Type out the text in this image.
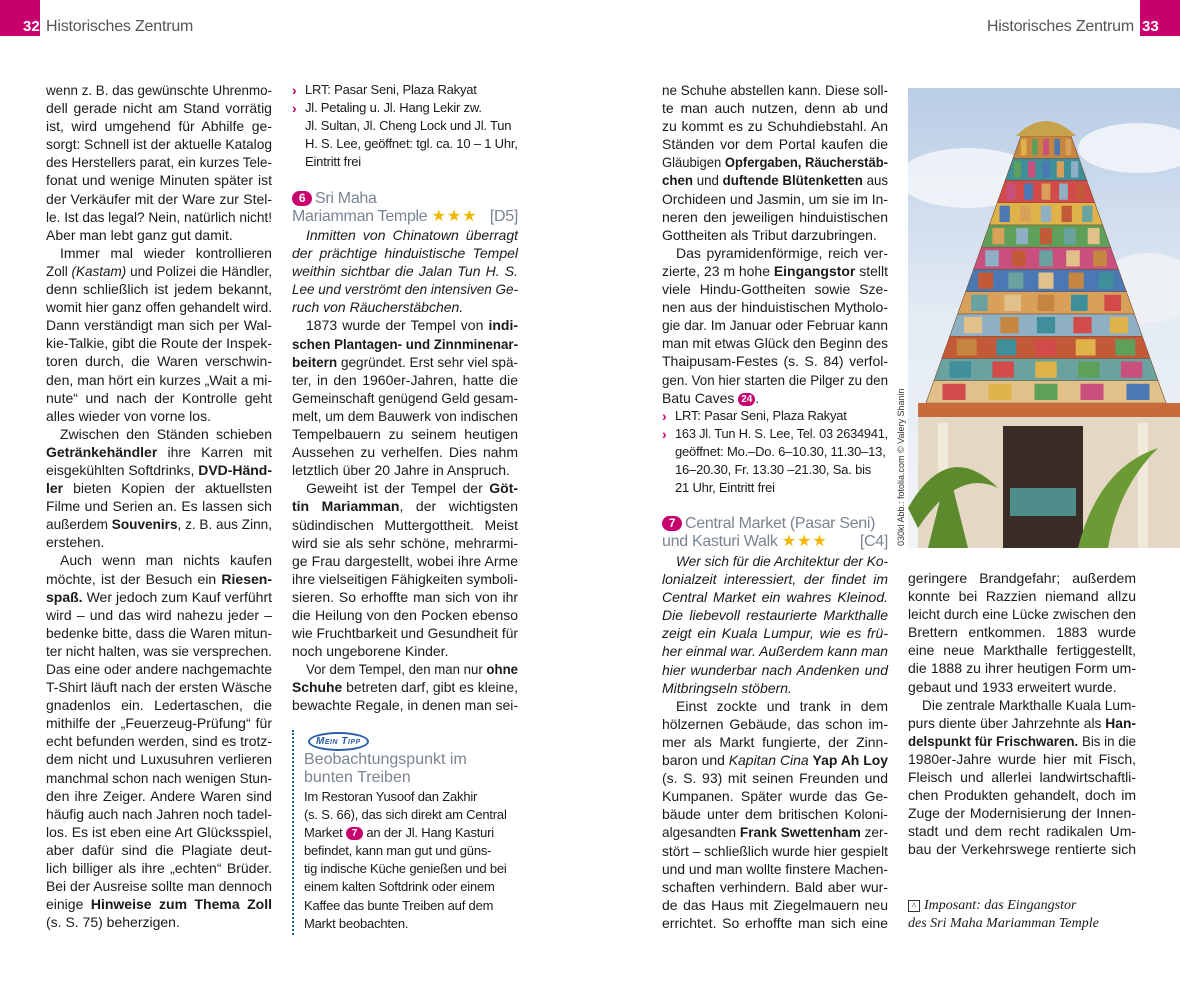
32 Historisches Zentrum	33
Historisches Zentrum
wenn z. B. das gewünschte Uhrenmo-
dell gerade nicht am Stand vorrätig
ist, wird umgehend für Abhilfe ge-
sorgt: Schnell ist der aktuelle Katalog
des Herstellers parat, ein kurzes Tele-
fonat und wenige Minuten später ist
der Verkäufer mit der Ware zur Stel-
le. Ist das legal? Nein, natürlich nicht!
Aber man lebt ganz gut damit.
Immer mal wieder kontrollieren
Zoll (Kastam) und Polizei die Händler,
denn schließlich ist jedem bekannt,
womit hier ganz offen gehandelt wird.
Dann verständigt man sich per Wal-
kie-Talkie, gibt die Route der Inspek-
toren durch, die Waren verschwin-
den, man hört ein kurzes „Wait a mi-
nute“ und nach der Kontrolle geht
alles wieder von vorne los.
Zwischen den Ständen schieben
Getränkehändler ihre Karren mit
eisgekühlten Softdrinks, DVD-Händ-
ler bieten Kopien der aktuellsten
Filme und Serien an. Es lassen sich
außerdem Souvenirs, z. B. aus Zinn,
erstehen.
Auch wenn man nichts kaufen
möchte, ist der Besuch ein Riesen-
spaß. Wer jedoch zum Kauf verführt
wird – und das wird nahezu jeder –
bedenke bitte, dass die Waren mitun-
ter nicht halten, was sie versprechen.
Das eine oder andere nachgemachte
T-Shirt läuft nach der ersten Wäsche
gnadenlos ein. Ledertaschen, die
mithilfe der „Feuerzeug-Prüfung“ für
echt befunden werden, sind es trotz-
dem nicht und Luxusuhren verlieren
manchmal schon nach wenigen Stun-
den ihre Zeiger. Andere Waren sind
häufig auch nach Jahren noch tadel-
los. Es ist eben eine Art Glücksspiel,
aber dafür sind die Plagiate deut-
lich billiger als ihre „echten“ Brüder.
Bei der Ausreise sollte man dennoch
einige Hinweise zum Thema Zoll
(s. S. 75) beherzigen.
› LRT: Pasar Seni, Plaza Rakyat
› Jl. Petaling u. Jl. Hang Lekir zw.
Jl. Sultan, Jl. Cheng Lock und Jl. Tun
H. S. Lee, geöffnet: tgl. ca. 10 – 1 Uhr,
Eintritt frei
6 Sri Maha
Mariamman Temple ★★★ [D5]
Inmitten von Chinatown überragt
der prächtige hinduistische Tempel
weithin sichtbar die Jalan Tun H. S.
Lee und verströmt den intensiven Ge-
ruch von Räucherstäbchen.
1873 wurde der Tempel von indi-
schen Plantagen- und Zinnminenar-
beitern gegründet. Erst sehr viel spä-
ter, in den 1960er-Jahren, hatte die
Gemeinschaft genügend Geld gesam-
melt, um dem Bauwerk von indischen
Tempelbauern zu seinem heutigen
Aussehen zu verhelfen. Dies nahm
letztlich über 20 Jahre in Anspruch.
Geweiht ist der Tempel der Göt-
tin Mariamman, der wichtigsten
südindischen Muttergottheit. Meist
wird sie als sehr schöne, mehrarmi-
ge Frau dargestellt, wobei ihre Arme
ihre vielseitigen Fähigkeiten symboli-
sieren. So erhoffte man sich von ihr
die Heilung von den Pocken ebenso
wie Fruchtbarkeit und Gesundheit für
noch ungeborene Kinder.
Vor dem Tempel, den man nur ohne
Schuhe betreten darf, gibt es kleine,
bewachte Regale, in denen man sei-
Mein Tipp
Beobachtungspunkt im
bunten Treiben
Im Restoran Yusoof dan Zakhir
(s. S. 66), das sich direkt am Central
Market 7 an der Jl. Hang Kasturi
befindet, kann man gut und güns-
tig indische Küche genießen und bei
einem kalten Softdrink oder einem
Kaffee das bunte Treiben auf dem
Markt beobachten.
ne Schuhe abstellen kann. Diese soll-
te man auch nutzen, denn ab und
zu kommt es zu Schuhdiebstahl. An
Ständen vor dem Portal kaufen die
Gläubigen Opfergaben, Räucherstäb-
chen und duftende Blütenketten aus
Orchideen und Jasmin, um sie im In-
neren den jeweiligen hinduistischen
Gottheiten als Tribut darzubringen.
Das pyramidenförmige, reich ver-
zierte, 23 m hohe Eingangstor stellt
viele Hindu-Gottheiten sowie Sze-
nen aus der hinduistischen Mytholo-
gie dar. Im Januar oder Februar kann
man mit etwas Glück den Beginn des
Thaipusam-Festes (s. S. 84) verfol-
gen. Von hier starten die Pilger zu den
Batu Caves 24 .
› LRT: Pasar Seni, Plaza Rakyat
› 163 Jl. Tun H. S. Lee, Tel. 03 2634941,
geöffnet: Mo.–Do. 6–10.30, 11.30–13,
16–20.30, Fr. 13.30 –21.30, Sa. bis
21 Uhr, Eintritt frei
7 Central Market (Pasar Seni)
und Kasturi Walk ★★★ [C4]
Wer sich für die Architektur der Ko-
lonialzeit interessiert, der findet im
Central Market ein wahres Kleinod.
Die liebevoll restaurierte Markthalle
zeigt ein Kuala Lumpur, wie es frü-
her einmal war. Außerdem kann man
hier wunderbar nach Andenken und
Mitbringseln stöbern.
Einst zockte und trank in dem
hölzernen Gebäude, das schon im-
mer als Markt fungierte, der Zinn-
baron und Kapitan Cina Yap Ah Loy
(s. S. 93) mit seinen Freunden und
Kumpanen. Später wurde das Ge-
bäude unter dem britischen Koloni-
algesandten Frank Swettenham zer-
stört – schließlich wurde hier gespielt
und und man wollte finstere Machen-
schaften verhindern. Bald aber wur-
de das Haus mit Ziegelmauern neu
errichtet. So erhoffte man sich eine
030kl Abb.: fotolia.com © Valery Shanin
geringere Brandgefahr; außerdem
konnte bei Razzien niemand allzu
leicht durch eine Lücke zwischen den
Brettern entkommen. 1883 wurde
eine neue Markthalle fertiggestellt,
die 1888 zu ihrer heutigen Form um-
gebaut und 1933 erweitert wurde.
Die zentrale Markthalle Kuala Lum-
purs diente über Jahrzehnte als Han-
delspunkt für Frischwaren. Bis in die
1980er-Jahre wurde hier mit Fisch,
Fleisch und allerlei landwirtschaftli-
chen Produkten gehandelt, doch im
Zuge der Modernisierung der Innen-
stadt und dem recht radikalen Um-
bau der Verkehrswege rentierte sich
^ Imposant: das Eingangstor
des Sri Maha Mariamman Temple
